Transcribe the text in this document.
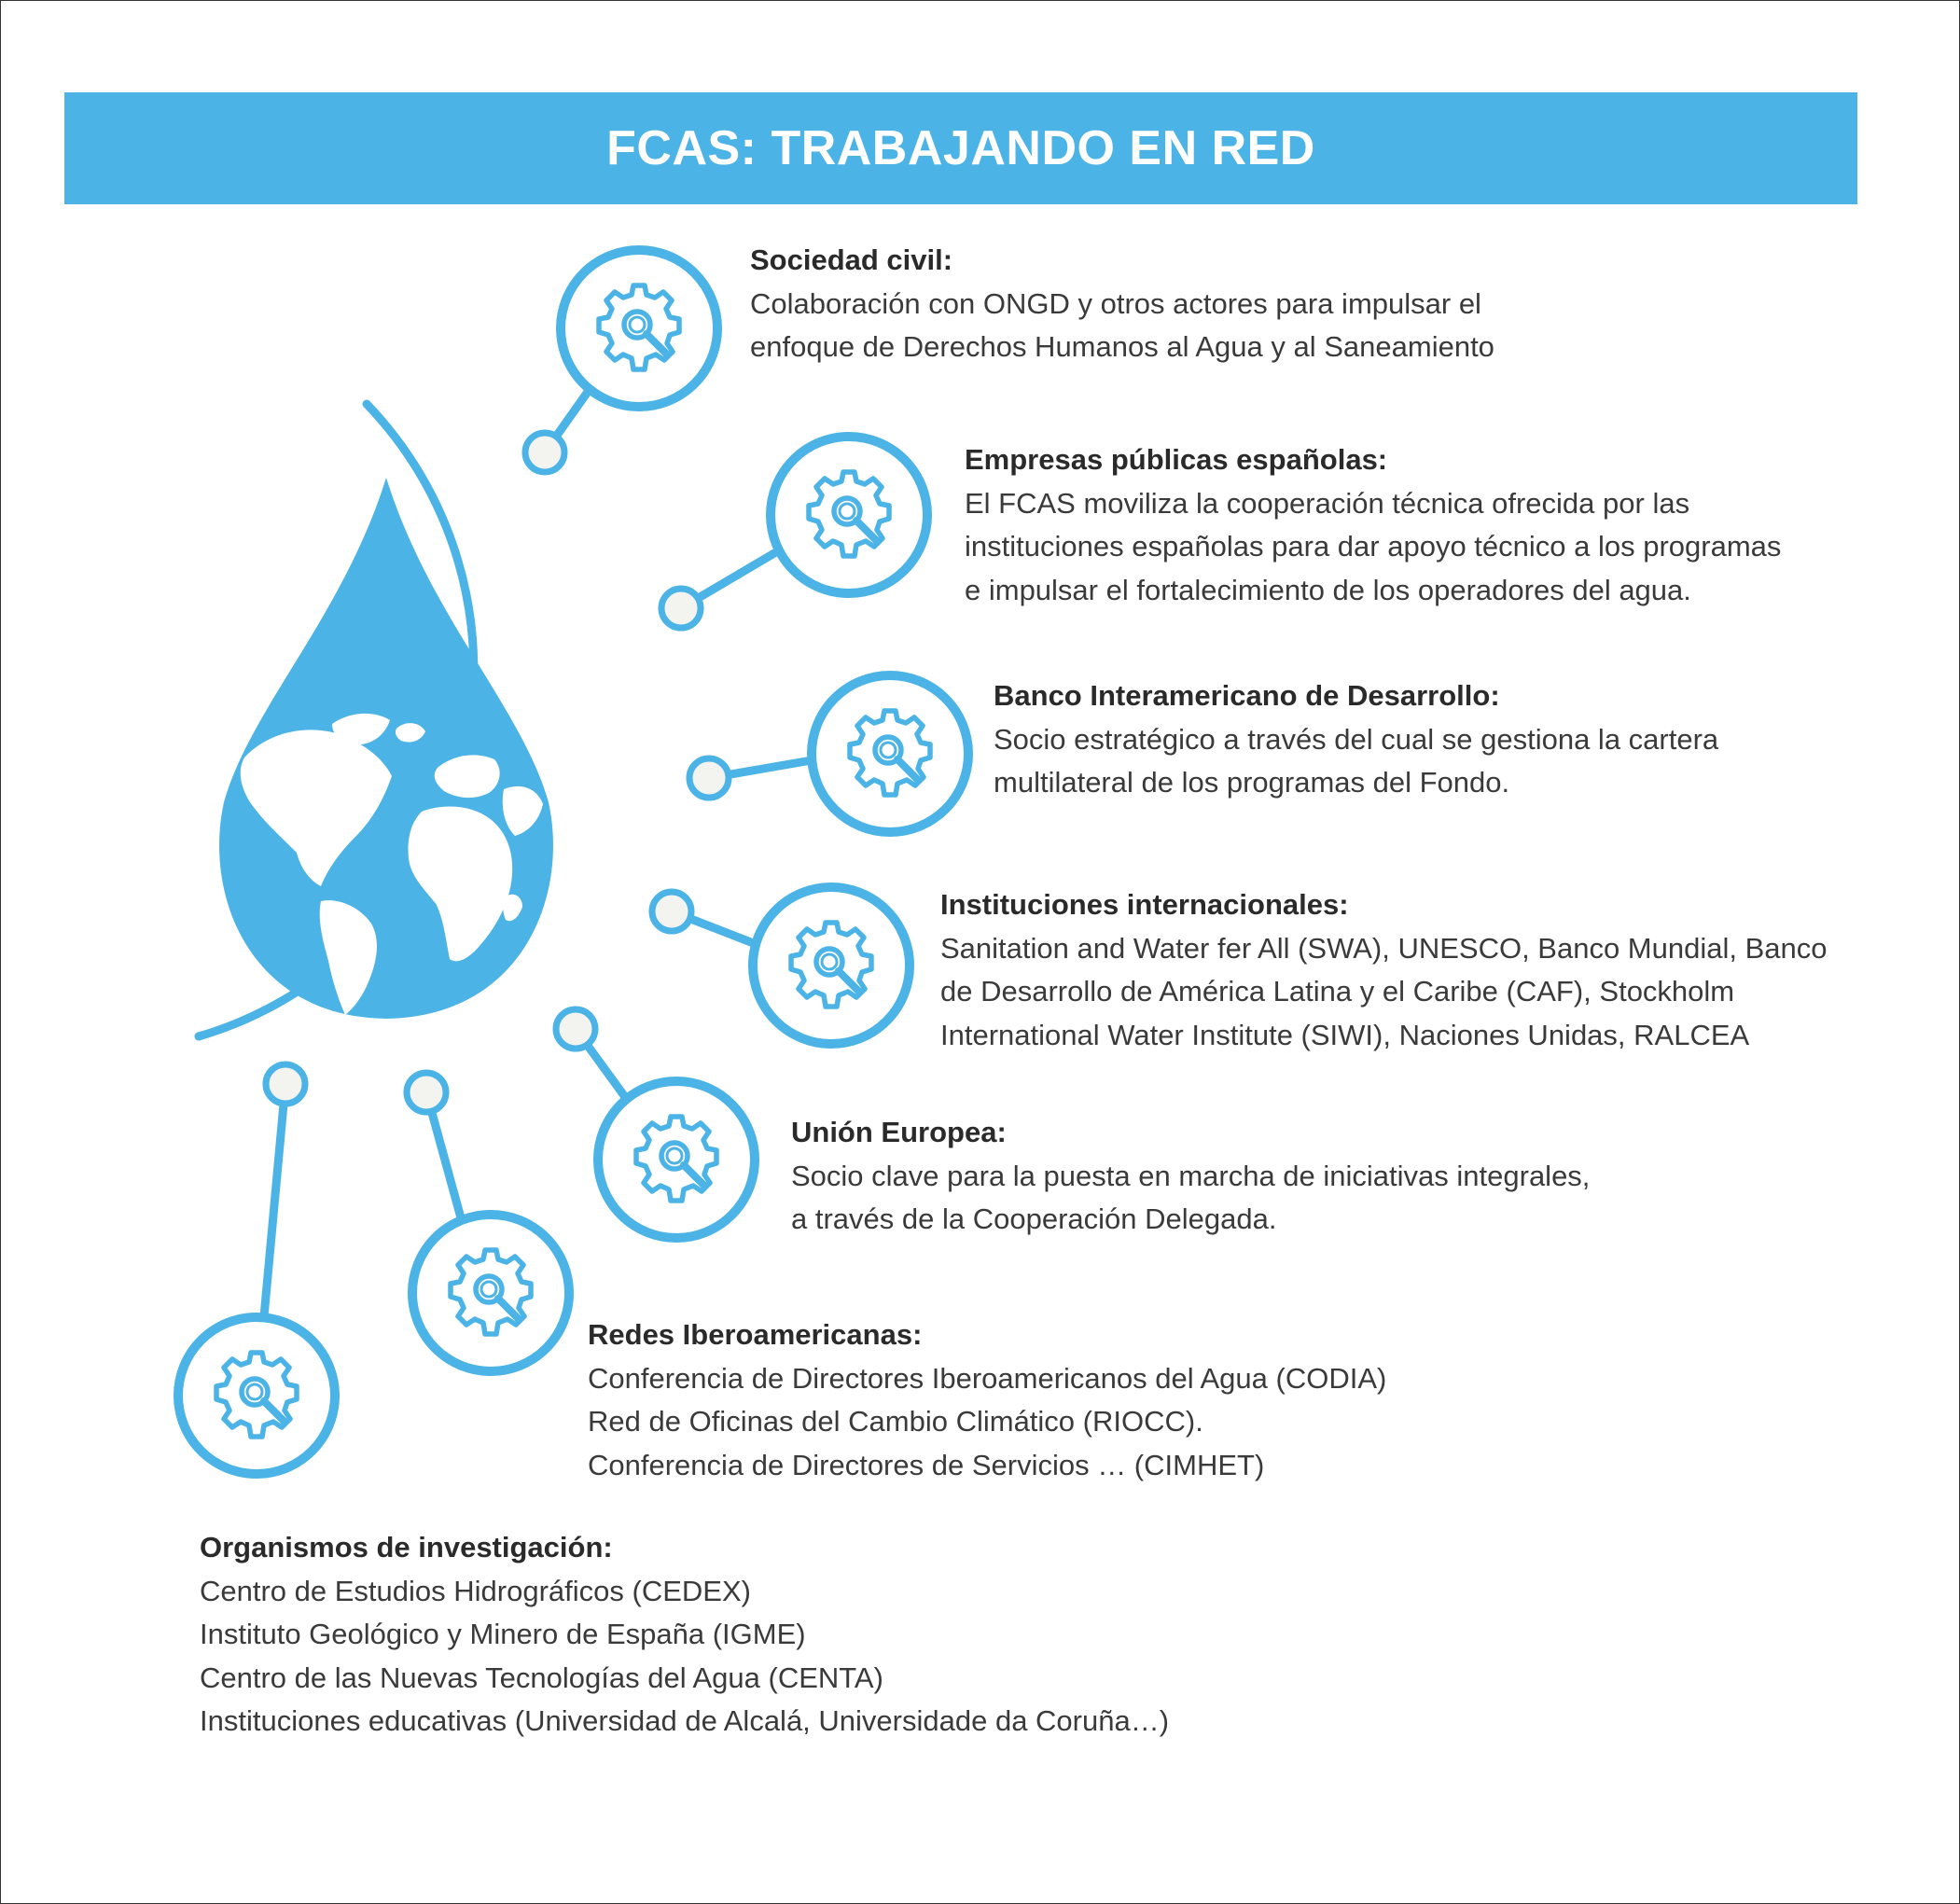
FCAS: TRABAJANDO EN RED
Sociedad civil:
Colaboración con ONGD y otros actores para impulsar el
enfoque de Derechos Humanos al Agua y al Saneamiento
Empresas públicas españolas:
El FCAS moviliza la cooperación técnica ofrecida por las
instituciones españolas para dar apoyo técnico a los programas
e impulsar el fortalecimiento de los operadores del agua.
Banco Interamericano de Desarrollo:
Socio estratégico a través del cual se gestiona la cartera
multilateral de los programas del Fondo.
Instituciones internacionales:
Sanitation and Water fer All (SWA), UNESCO, Banco Mundial, Banco
de Desarrollo de América Latina y el Caribe (CAF), Stockholm
International Water Institute (SIWI), Naciones Unidas, RALCEA
Unión Europea:
Socio clave para la puesta en marcha de iniciativas integrales,
a través de la Cooperación Delegada.
Redes Iberoamericanas:
Conferencia de Directores Iberoamericanos del Agua (CODIA)
Red de Oficinas del Cambio Climático (RIOCC).
Conferencia de Directores de Servicios … (CIMHET)
Organismos de investigación:
Centro de Estudios Hidrográficos (CEDEX)
Instituto Geológico y Minero de España (IGME)
Centro de las Nuevas Tecnologías del Agua (CENTA)
Instituciones educativas (Universidad de Alcalá, Universidade da Coruña…)
